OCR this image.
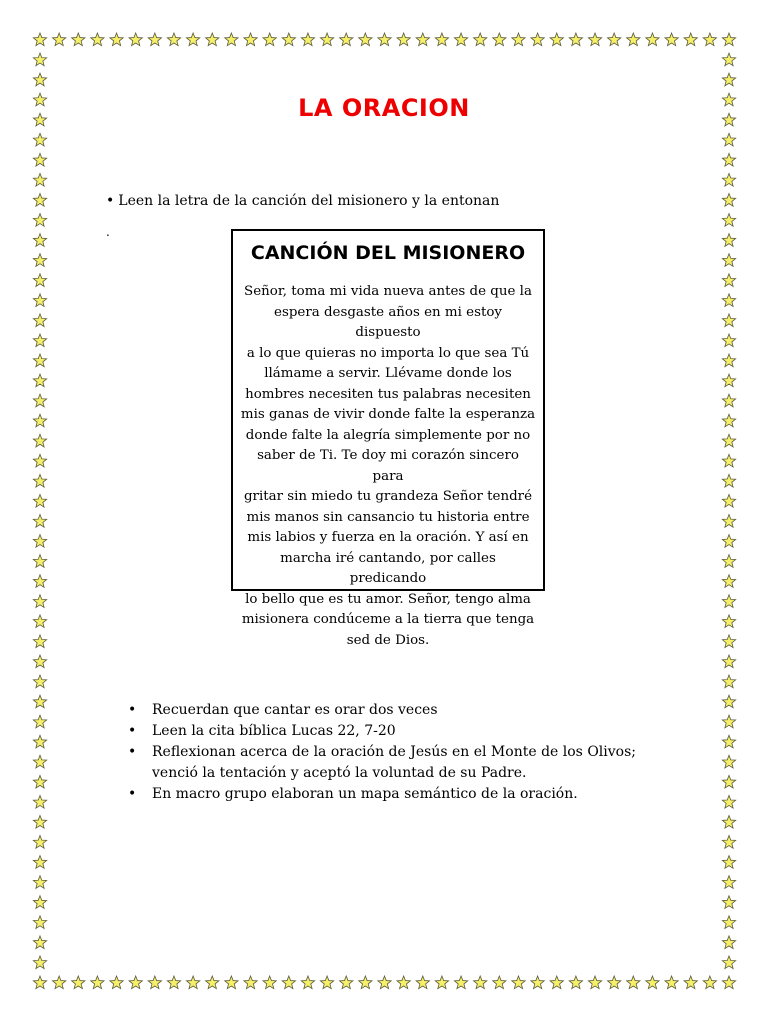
LA ORACION
• Leen la letra de la canción del misionero y la entonan
.
CANCIÓN DEL MISIONERO
Señor, toma mi vida nueva antes de que la
espera desgaste años en mi estoy dispuesto
a lo que quieras no importa lo que sea Tú
llámame a servir. Llévame donde los
hombres necesiten tus palabras necesiten
mis ganas de vivir donde falte la esperanza
donde falte la alegría simplemente por no
saber de Ti. Te doy mi corazón sincero para
gritar sin miedo tu grandeza Señor tendré
mis manos sin cansancio tu historia entre
mis labios y fuerza en la oración. Y así en
marcha iré cantando, por calles predicando
lo bello que es tu amor. Señor, tengo alma
misionera condúceme a la tierra que tenga
sed de Dios.
• Recuerdan que cantar es orar dos veces
• Leen la cita bíblica Lucas 22, 7-20
• Reflexionan acerca de la oración de Jesús en el Monte de los Olivos; venció la tentación y aceptó la voluntad de su Padre.
• En macro grupo elaboran un mapa semántico de la oración.
